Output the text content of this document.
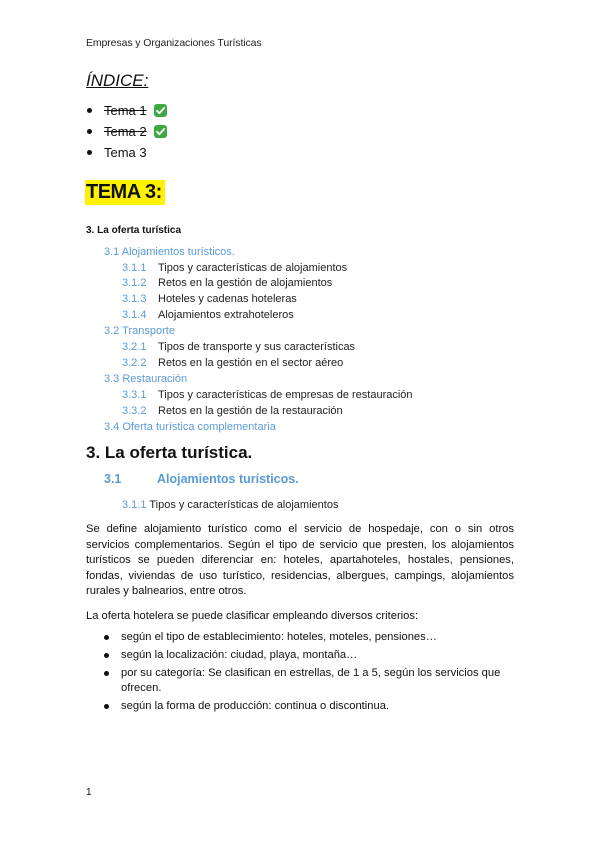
Empresas y Organizaciones Turísticas
ÍNDICE:
Tema 1
Tema 2
Tema 3
TEMA 3:
3. La oferta turística
3.1 Alojamientos turísticos.
3.1.1 Tipos y características de alojamientos
3.1.2 Retos en la gestión de alojamientos
3.1.3 Hoteles y cadenas hoteleras
3.1.4 Alojamientos extrahoteleros
3.2 Transporte
3.2.1 Tipos de transporte y sus características
3.2.2 Retos en la gestión en el sector aéreo
3.3 Restauración
3.3.1 Tipos y características de empresas de restauración
3.3.2 Retos en la gestión de la restauración
3.4 Oferta turística complementaria
3. La oferta turística.
3.1	Alojamientos turísticos.
3.1.1 Tipos y características de alojamientos
Se define alojamiento turístico como el servicio de hospedaje, con o sin otros servicios complementarios. Según el tipo de servicio que presten, los alojamientos turísticos se pueden diferenciar en: hoteles, apartahoteles, hostales, pensiones, fondas, viviendas de uso turístico, residencias, albergues, campings, alojamientos rurales y balnearios, entre otros.
La oferta hotelera se puede clasificar empleando diversos criterios:
según el tipo de establecimiento: hoteles, moteles, pensiones…
según la localización: ciudad, playa, montaña…
por su categoría: Se clasifican en estrellas, de 1 a 5, según los servicios que ofrecen.
según la forma de producción: continua o discontinua.
1
